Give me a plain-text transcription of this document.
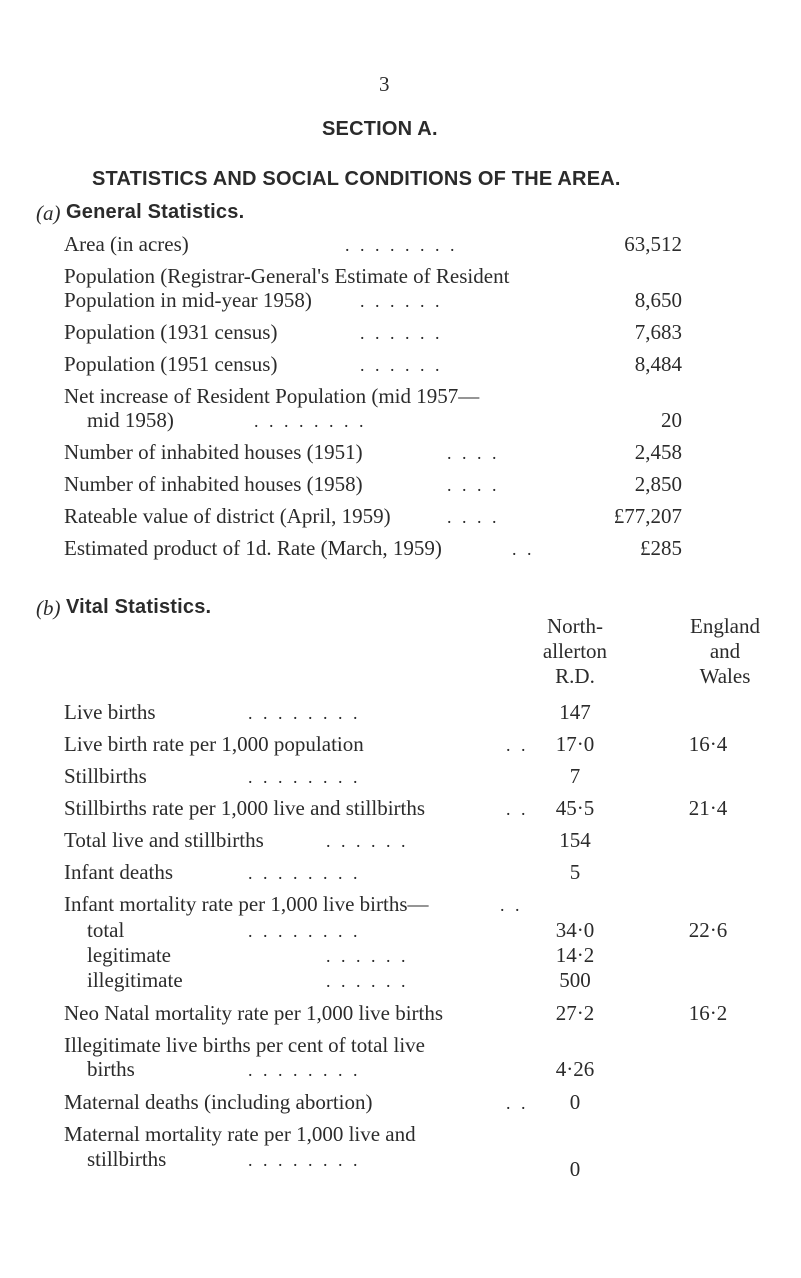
3
SECTION A.
STATISTICS AND SOCIAL CONDITIONS OF THE AREA.
(a) General Statistics.
Area (in acres)	. . . . . . . .	63,512
Population (Registrar-General's Estimate of Resident
Population in mid-year 1958)	. . . . . .	8,650
Population (1931 census)	. . . . . .	7,683
Population (1951 census)	. . . . . .	8,484
Net increase of Resident Population (mid 1957—
mid 1958)	. . . . . . . .	20
Number of inhabited houses (1951)	. . . .	2,458
Number of inhabited houses (1958)	. . . .	2,850
Rateable value of district (April, 1959)	. . . .	£77,207
Estimated product of 1d. Rate (March, 1959)	. .	£285
(b) Vital Statistics.
North-
allerton
R.D.
England
and
Wales
Live births	. . . . . . . .	147
Live birth rate per 1,000 population	. .	17·0	16·4
Stillbirths	. . . . . . . .	7
Stillbirths rate per 1,000 live and stillbirths	. .	45·5	21·4
Total live and stillbirths	. . . . . .	154
Infant deaths	. . . . . . . .	5
Infant mortality rate per 1,000 live births—	. .
total	. . . . . . . .	34·0	22·6
legitimate	. . . . . .	14·2
illegitimate	. . . . . .	500
Neo Natal mortality rate per 1,000 live births	27·2	16·2
Illegitimate live births per cent of total live
births	. . . . . . . .	4·26
Maternal deaths (including abortion)	. .	0
Maternal mortality rate per 1,000 live and
stillbirths	. . . . . . . .	0
